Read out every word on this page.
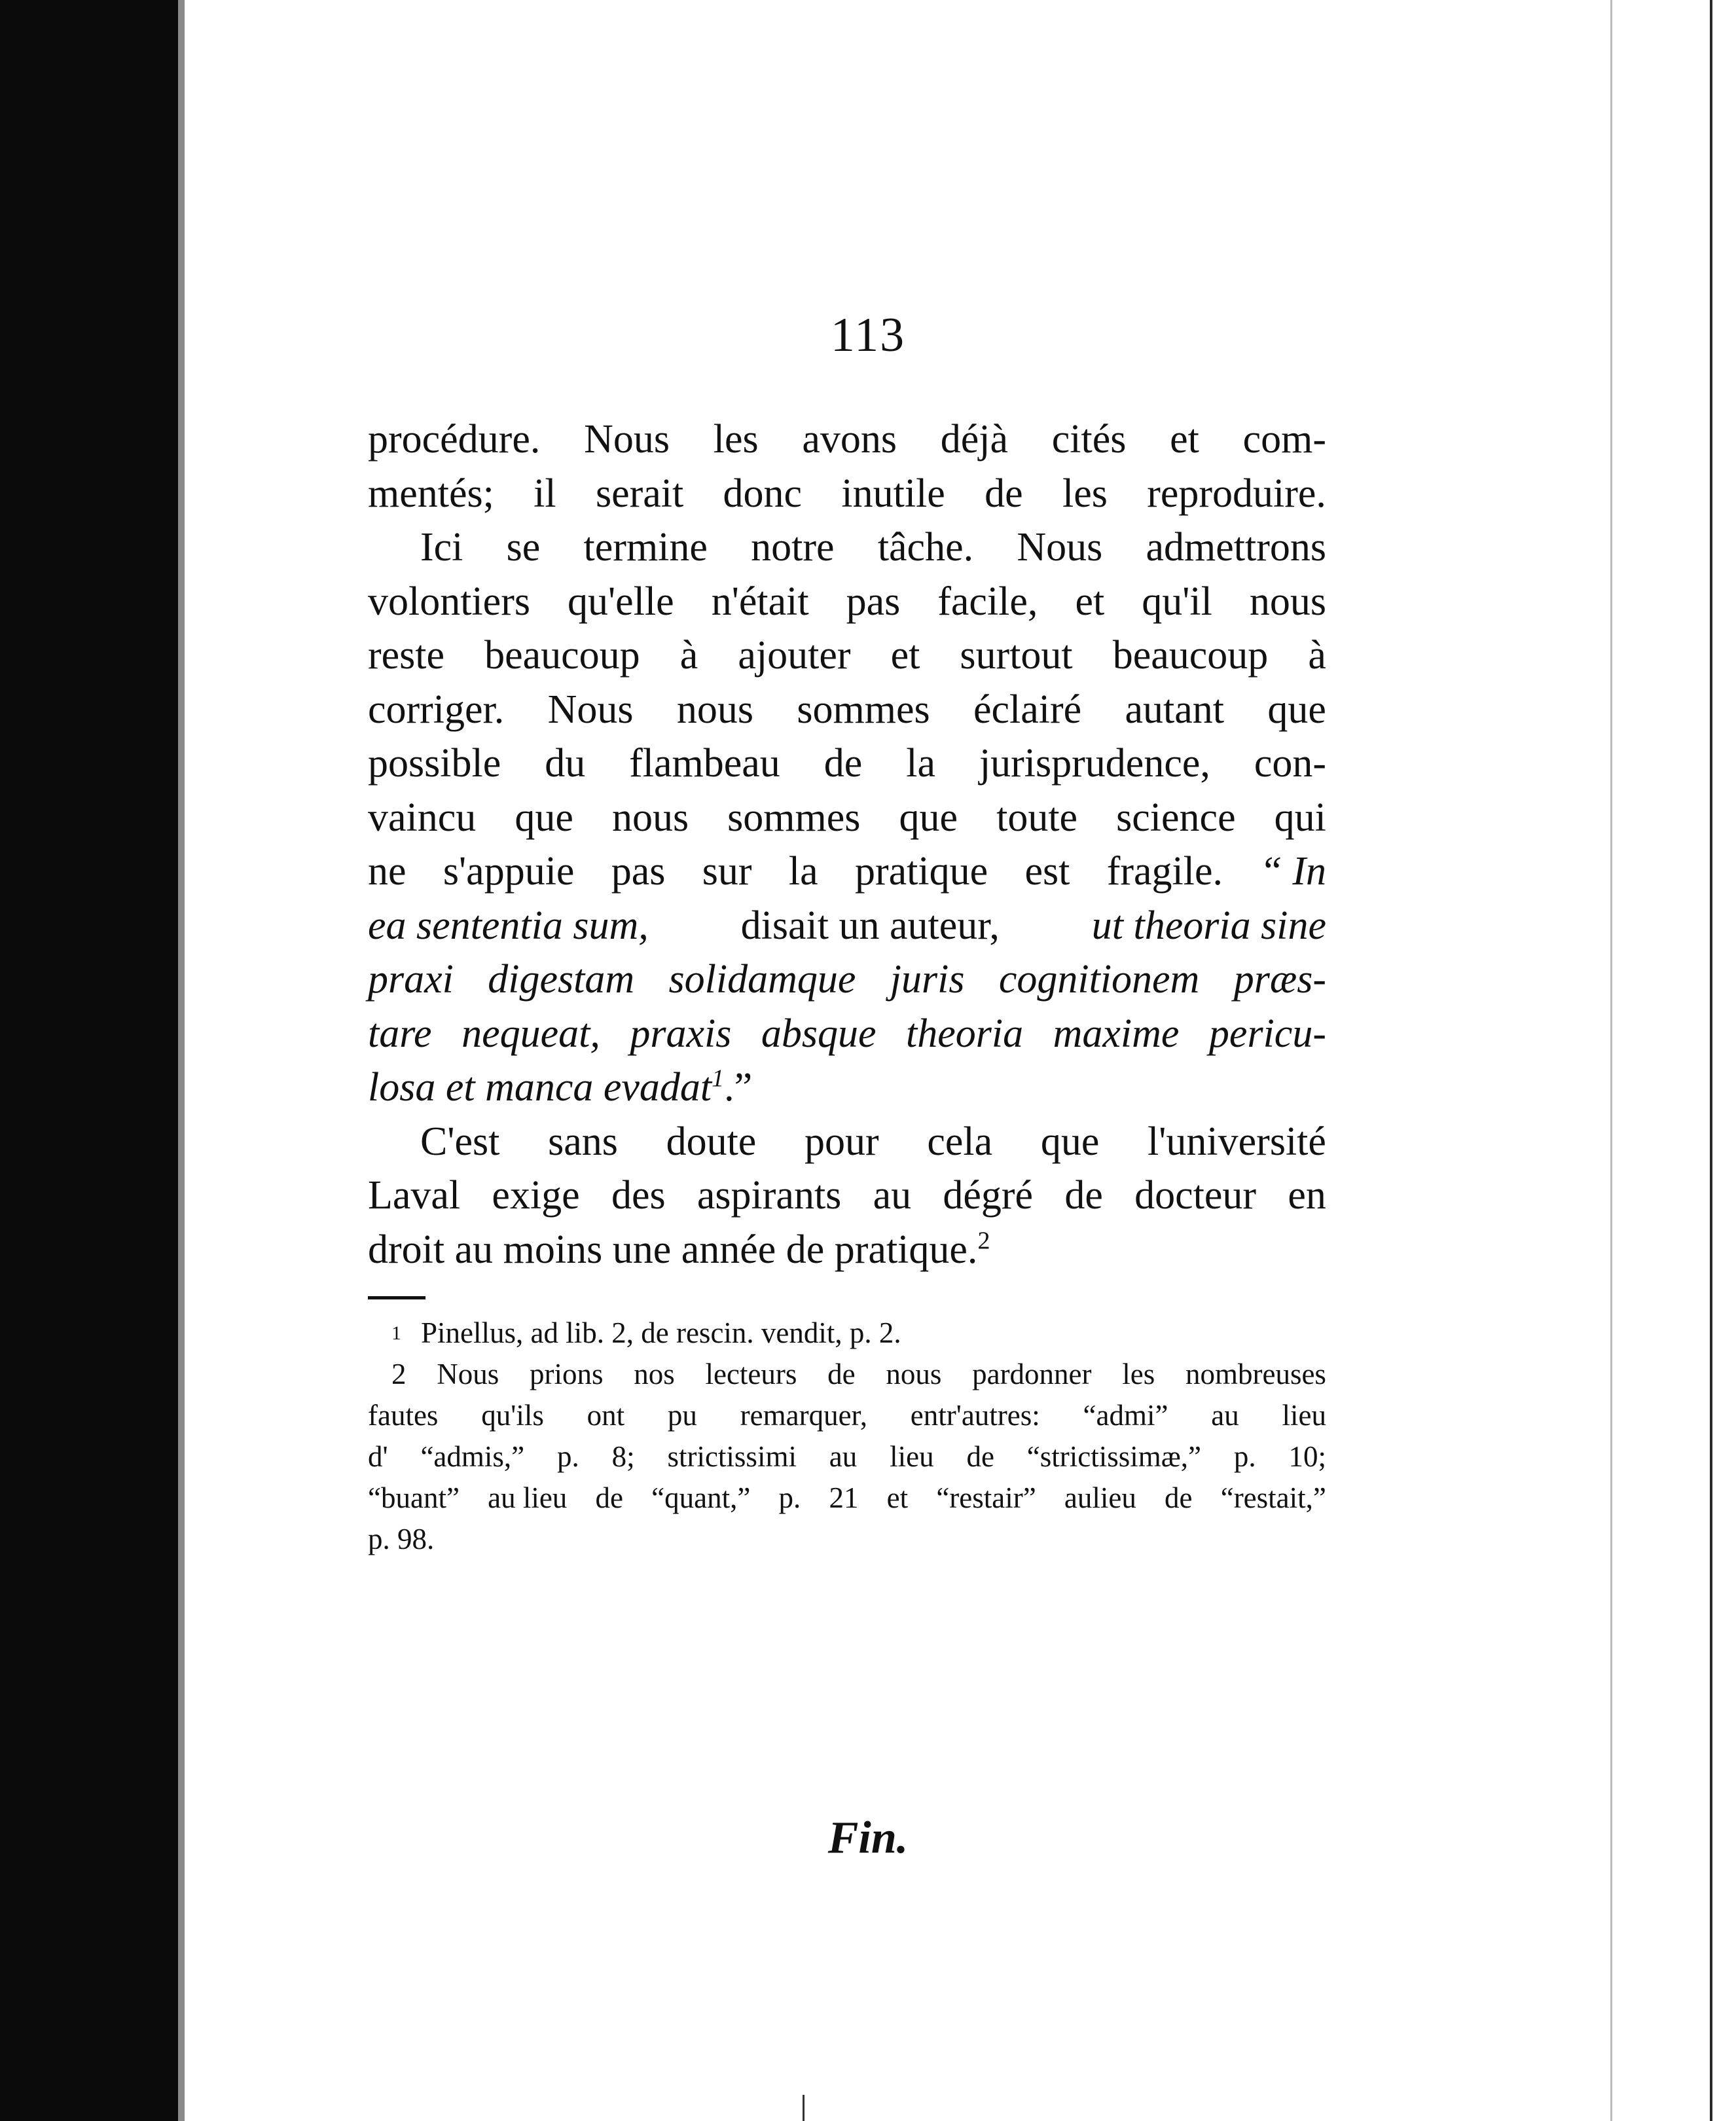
113
procédure. Nous les avons déjà cités et com-
mentés; il serait donc inutile de les reproduire.
Ici se termine notre tâche. Nous admettrons
volontiers qu'elle n'était pas facile, et qu'il nous
reste beaucoup à ajouter et surtout beaucoup à
corriger. Nous nous sommes éclairé autant que
possible du flambeau de la jurisprudence, con-
vaincu que nous sommes que toute science qui
ne s'appuie pas sur la pratique est fragile. “ In
ea sententia sum, disait un auteur, ut theoria sine
praxi digestam solidamque juris cognitionem præs-
tare nequeat, praxis absque theoria maxime pericu-
losa et manca evadat$^1$.”
C'est sans doute pour cela que l'université
Laval exige des aspirants au dégré de docteur en
droit au moins une année de pratique.$^2$
1 Pinellus, ad lib. 2, de rescin. vendit, p. 2.
2 Nous prions nos lecteurs de nous pardonner les nombreuses
fautes qu'ils ont pu remarquer, entr'autres: “admi” au lieu
d' “admis,” p. 8; strictissimi au lieu de “strictissimæ,” p. 10;
“buant” au lieu de “quant,” p. 21 et “restair” aulieu de “restait,”
p. 98.
Fin.
